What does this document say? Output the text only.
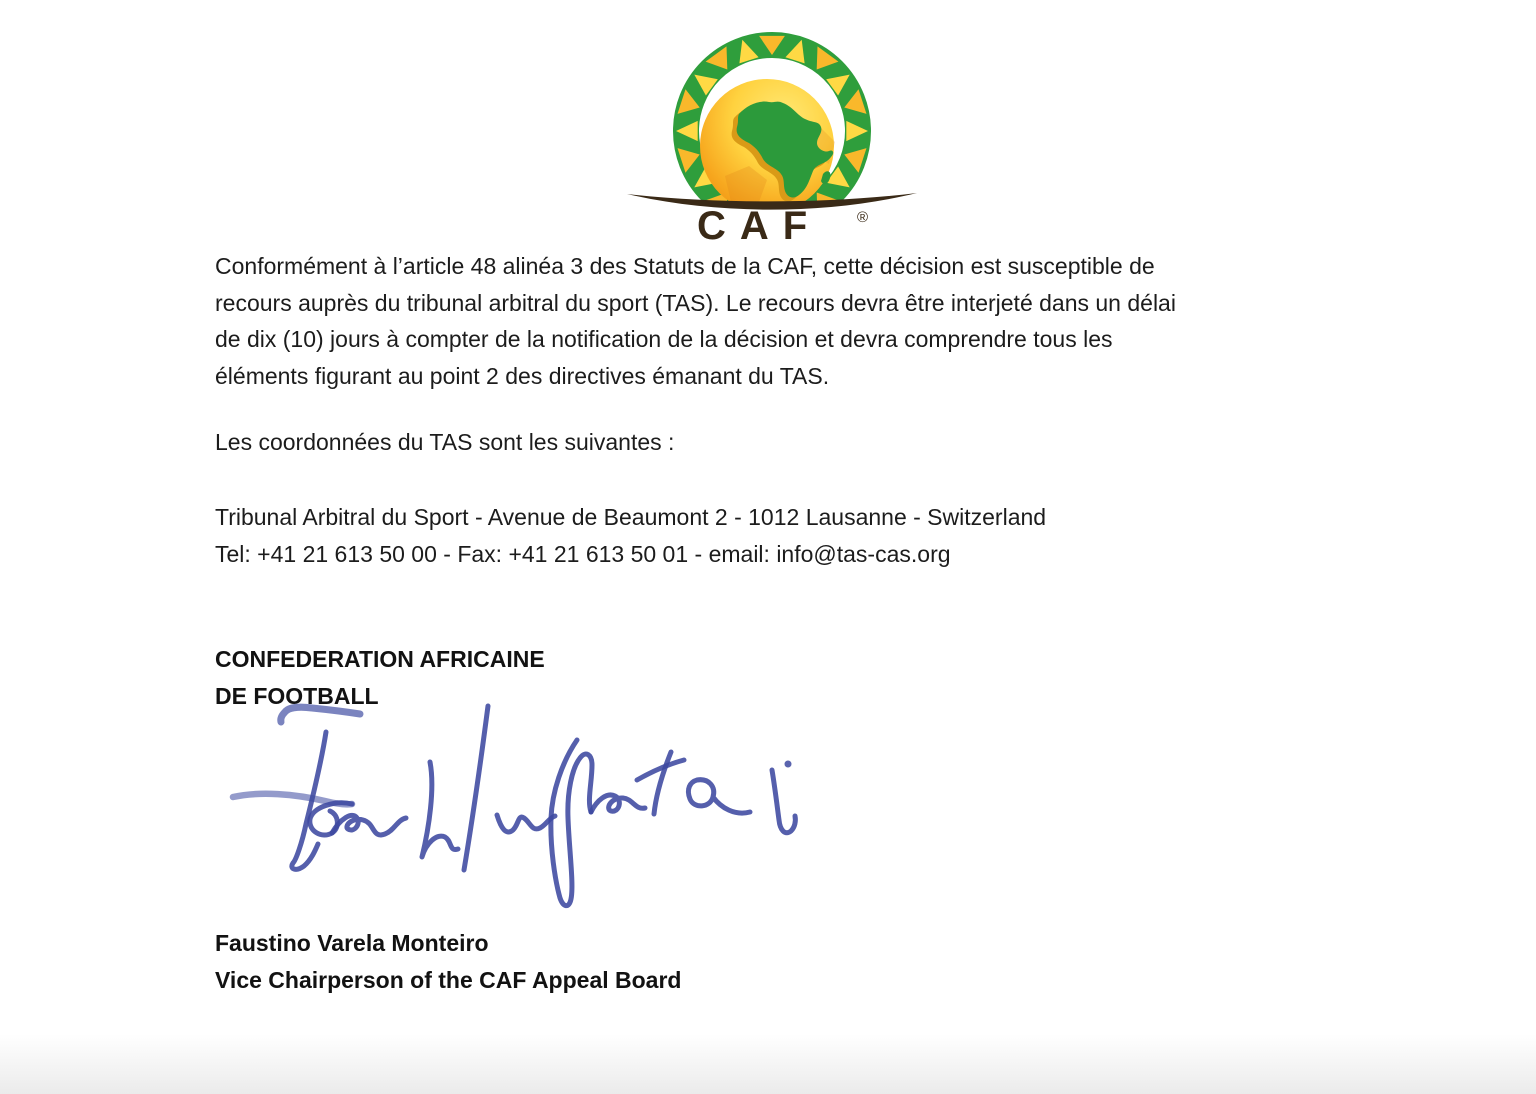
CAF ®
Conformément à l’article 48 alinéa 3 des Statuts de la CAF, cette décision est susceptible de
recours auprès du tribunal arbitral du sport (TAS). Le recours devra être interjeté dans un délai
de dix (10) jours à compter de la notification de la décision et devra comprendre tous les
éléments figurant au point 2 des directives émanant du TAS.
Les coordonnées du TAS sont les suivantes :
Tribunal Arbitral du Sport - Avenue de Beaumont 2 - 1012 Lausanne - Switzerland
Tel: +41 21 613 50 00 - Fax: +41 21 613 50 01 - email: info@tas-cas.org
CONFEDERATION AFRICAINE
DE FOOTBALL
Faustino Varela Monteiro
Vice Chairperson of the CAF Appeal Board
